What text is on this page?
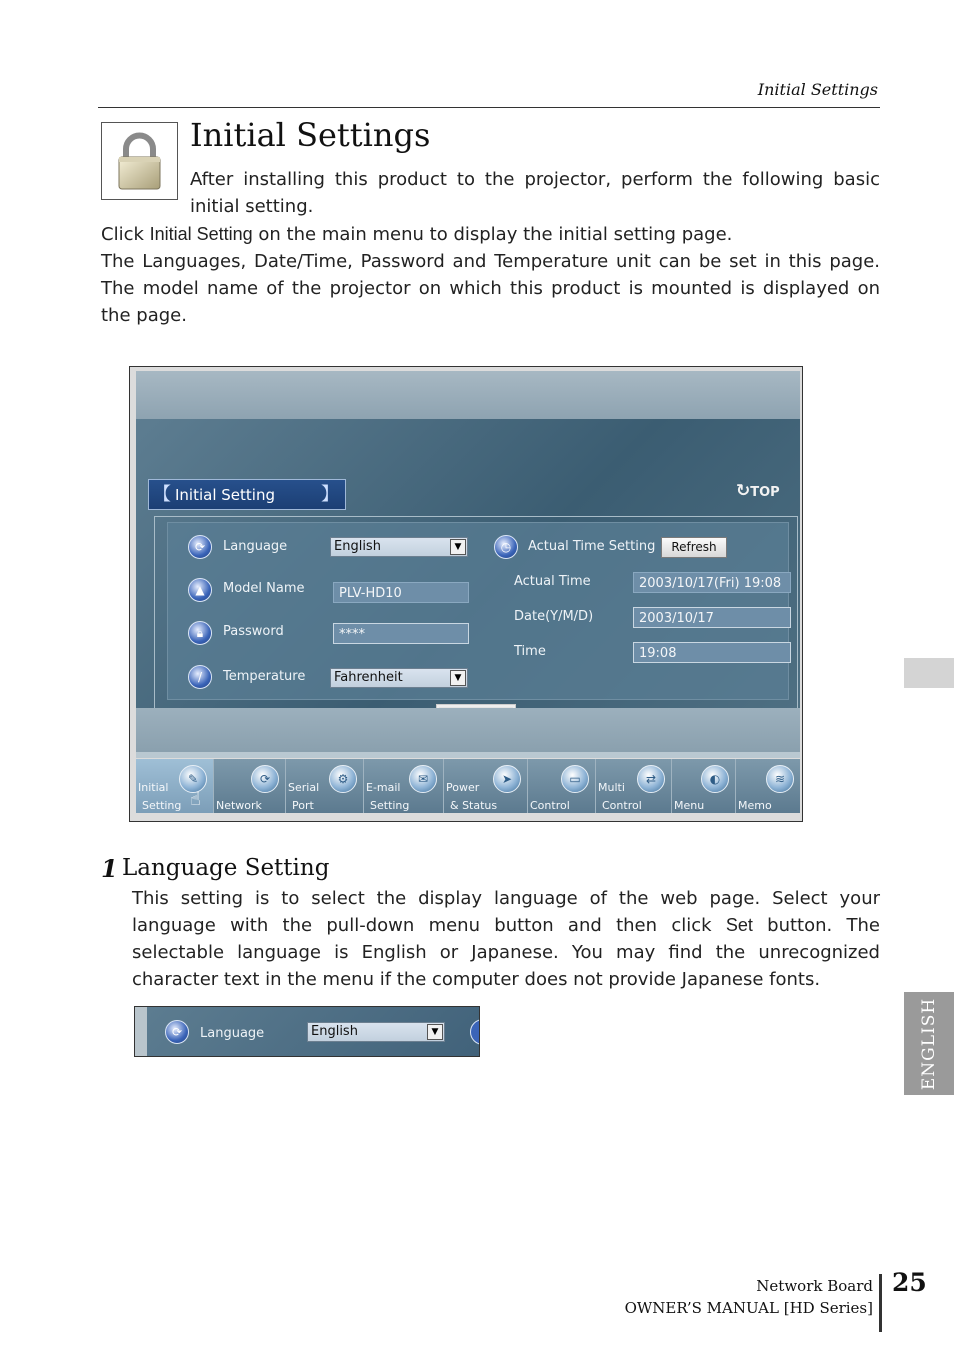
Initial Settings
Initial Settings
After installing this product to the projector, perform the following basic initial setting.
Click Initial Setting on the main menu to display the initial setting page.
The Languages, Date/Time, Password and Temperature unit can be set in this page. The model name of the projector on which this product is mounted is displayed on the page.
【 Initial Setting	】	↻TOP
⟳	Language	English	▼
▲	Model Name	PLV-HD10
🔒︎	Password	****
/	Temperature	Fahrenheit	▼
◷	Actual Time Setting	Refresh
Actual Time	2003/10/17(Fri) 19:08
Date(Y/M/D)	2003/10/17
Time	19:08
Initial
Setting
✎
☝ Network
⟳
Serial
Port
⚙
E-mail
Setting
✉
Power
& Status
➤
Control
▭
Multi
Control
⇄
Menu
◐
Memo
≋
1 Language Setting
This setting is to select the display language of the web page. Select your language with the pull-down menu button and then click Set button. The selectable language is English or Japanese. You may find the unrecognized character text in the menu if the computer does not provide Japanese fonts.
⟳	Language	English	▼	ENGLISH
Network Board
OWNER’S MANUAL [HD Series]
25
